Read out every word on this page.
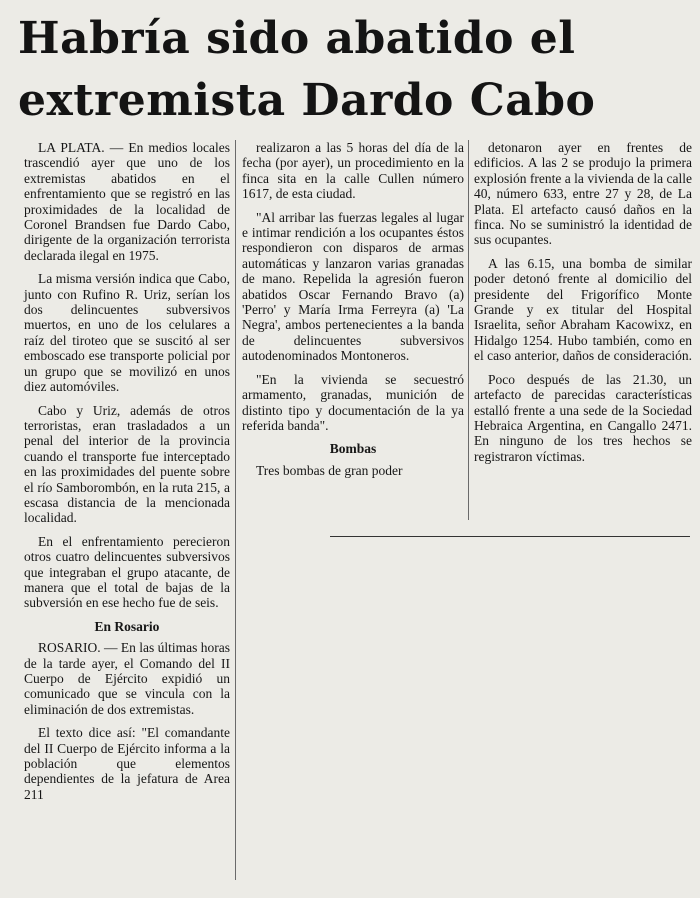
Habría sido abatido el
extremista Dardo Cabo

LA PLATA. — En medios locales trascendió ayer que uno de los extremistas abatidos en el enfrentamiento que se registró en las proximidades de la localidad de Coronel Brandsen fue Dardo Cabo, dirigente de la organización terrorista declarada ilegal en 1975.

La misma versión indica que Cabo, junto con Rufino R. Uriz, serían los dos delincuentes subversivos muertos, en uno de los celulares a raíz del tiroteo que se suscitó al ser emboscado ese transporte policial por un grupo que se movilizó en unos diez automóviles.

Cabo y Uriz, además de otros terroristas, eran trasladados a un penal del interior de la provincia cuando el transporte fue interceptado en las proximidades del puente sobre el río Samborombón, en la ruta 215, a escasa distancia de la mencionada localidad.

En el enfrentamiento perecieron otros cuatro delincuentes subversivos que integraban el grupo atacante, de manera que el total de bajas de la subversión en ese hecho fue de seis.

En Rosario

ROSARIO. — En las últimas horas de la tarde ayer, el Comando del II Cuerpo de Ejército expidió un comunicado que se vincula con la eliminación de dos extremistas.

El texto dice así: "El comandante del II Cuerpo de Ejército informa a la población que elementos dependientes de la jefatura de Area 211

realizaron a las 5 horas del día de la fecha (por ayer), un procedimiento en la finca sita en la calle Cullen número 1617, de esta ciudad.

"Al arribar las fuerzas legales al lugar e intimar rendición a los ocupantes éstos respondieron con disparos de armas automáticas y lanzaron varias granadas de mano. Repelida la agresión fueron abatidos Oscar Fernando Bravo (a) 'Perro' y María Irma Ferreyra (a) 'La Negra', ambos pertenecientes a la banda de delincuentes subversivos autodenominados Montoneros.

"En la vivienda se secuestró armamento, granadas, munición de distinto tipo y documentación de la ya referida banda".

Bombas

Tres bombas de gran poder

detonaron ayer en frentes de edificios. A las 2 se produjo la primera explosión frente a la vivienda de la calle 40, número 633, entre 27 y 28, de La Plata. El artefacto causó daños en la finca. No se suministró la identidad de sus ocupantes.

A las 6.15, una bomba de similar poder detonó frente al domicilio del presidente del Frigorífico Monte Grande y ex titular del Hospital Israelita, señor Abraham Kacowixz, en Hidalgo 1254. Hubo también, como en el caso anterior, daños de consideración.

Poco después de las 21.30, un artefacto de parecidas características estalló frente a una sede de la Sociedad Hebraica Argentina, en Cangallo 2471. En ninguno de los tres hechos se registraron víctimas.
